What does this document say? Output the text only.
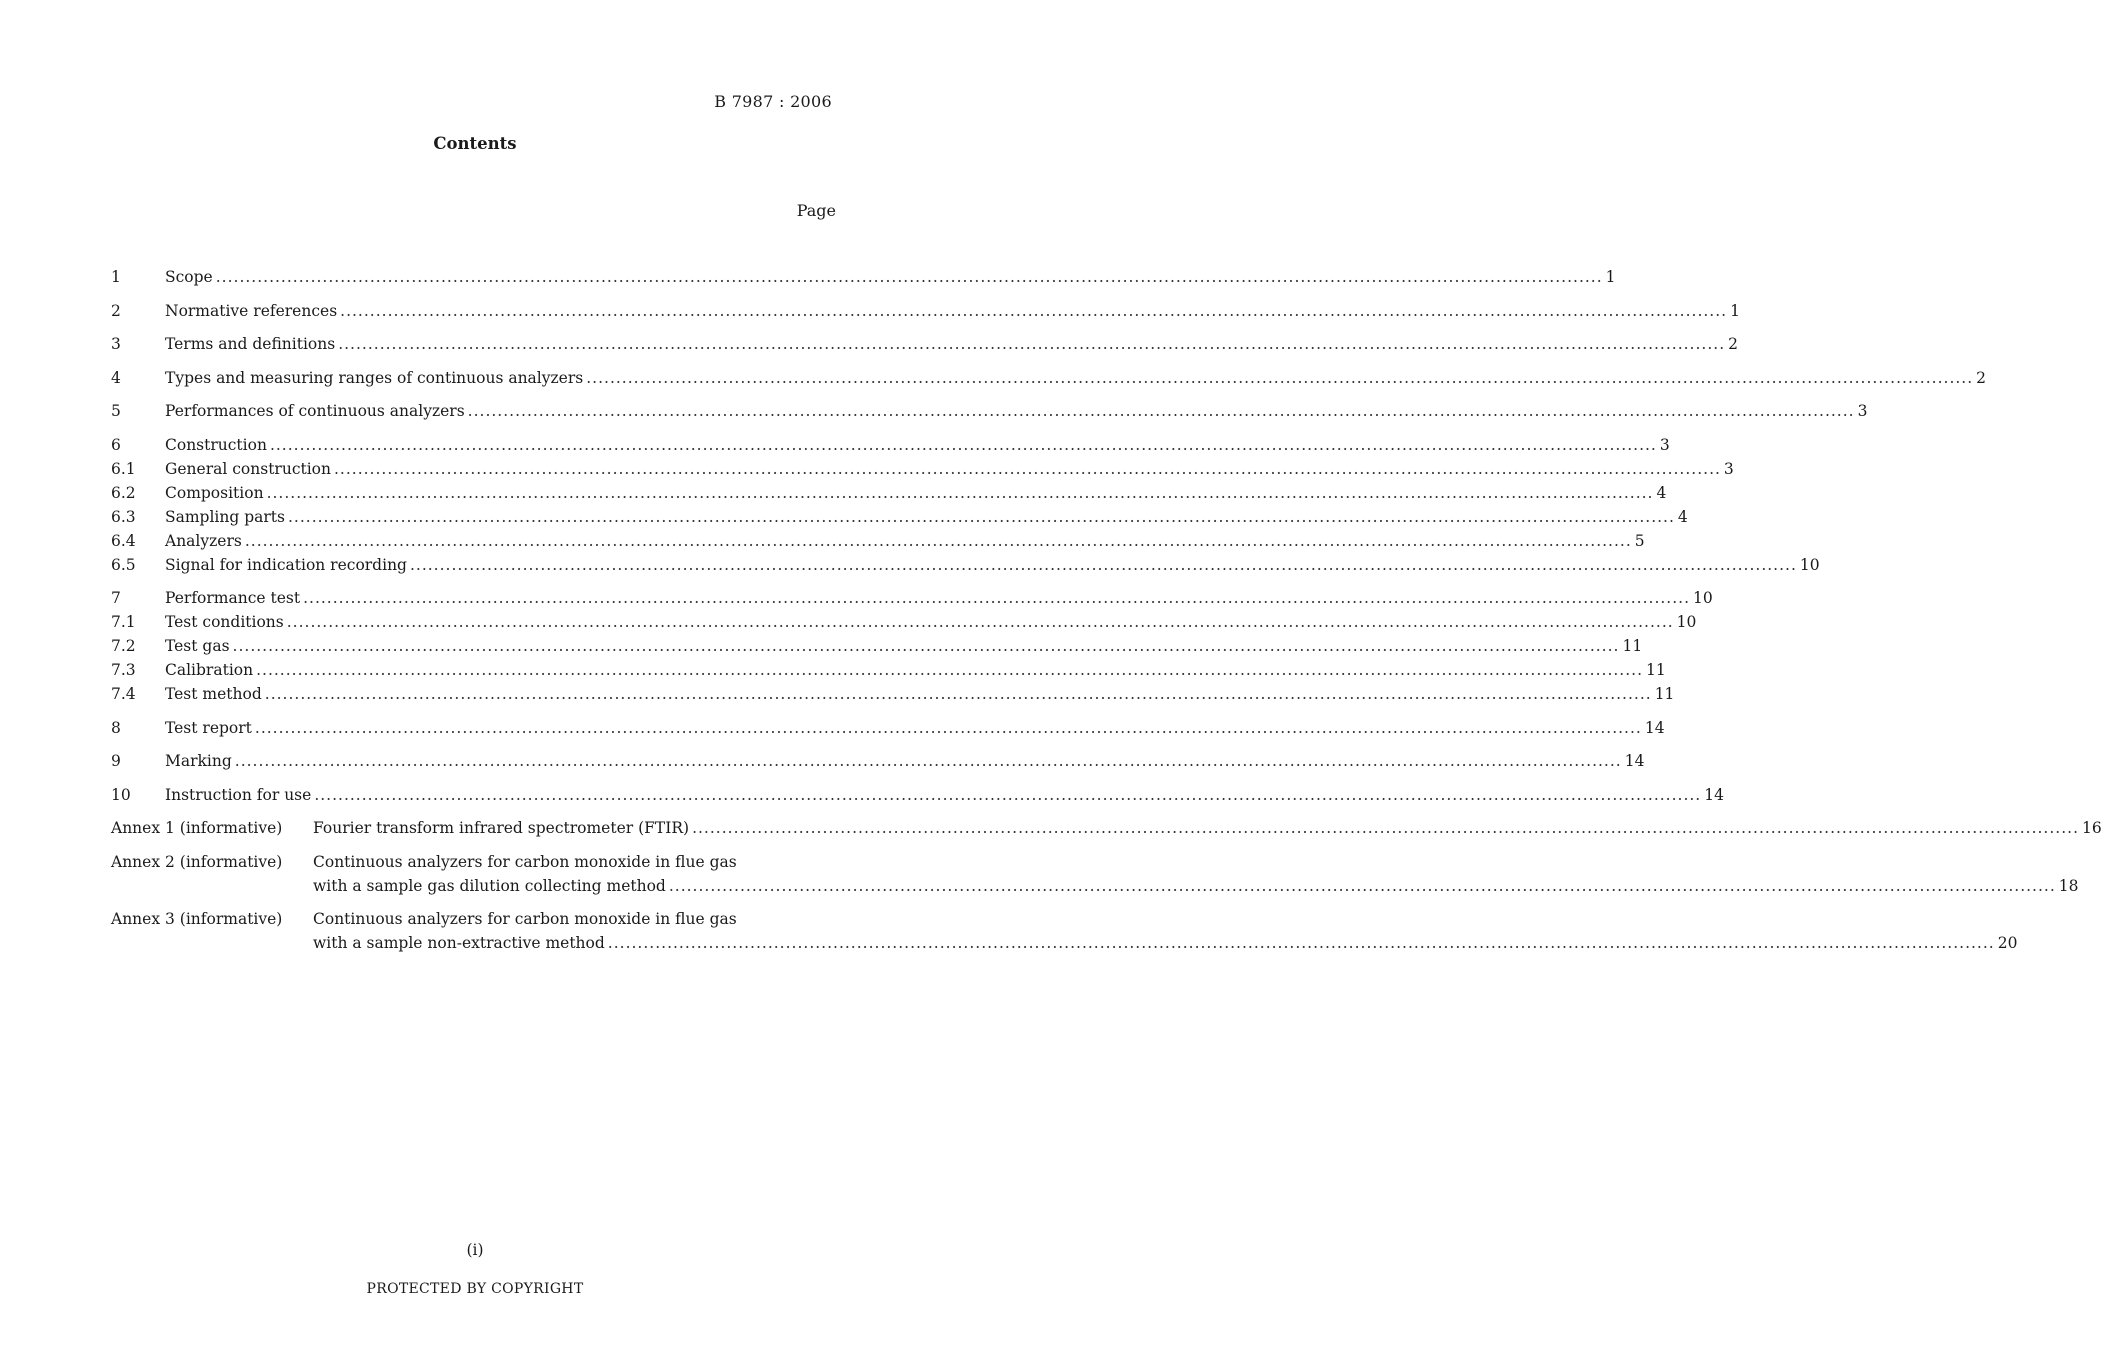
B 7987 : 2006
Contents
Page
1	Scope .....	1
2	Normative references .....	1
3	Terms and definitions .....	2
4	Types and measuring ranges of continuous analyzers .....	2
5	Performances of continuous analyzers .....	3
6	Construction .....	3
6.1	General construction .....	3
6.2	Composition .....	4
6.3	Sampling parts .....	4
6.4	Analyzers .....	5
6.5	Signal for indication recording .....	10
7	Performance test .....	10
7.1	Test conditions .....	10
7.2	Test gas .....	11
7.3	Calibration .....	11
7.4	Test method .....	11
8	Test report .....	14
9	Marking .....	14
10	Instruction for use .....	14
Annex 1 (informative)	Fourier transform infrared spectrometer (FTIR) .....	16
Annex 2 (informative)	Continuous analyzers for carbon monoxide in flue gas
with a sample gas dilution collecting method .....	18
Annex 3 (informative)	Continuous analyzers for carbon monoxide in flue gas
with a sample non-extractive method .....	20
(i)
PROTECTED BY COPYRIGHT
